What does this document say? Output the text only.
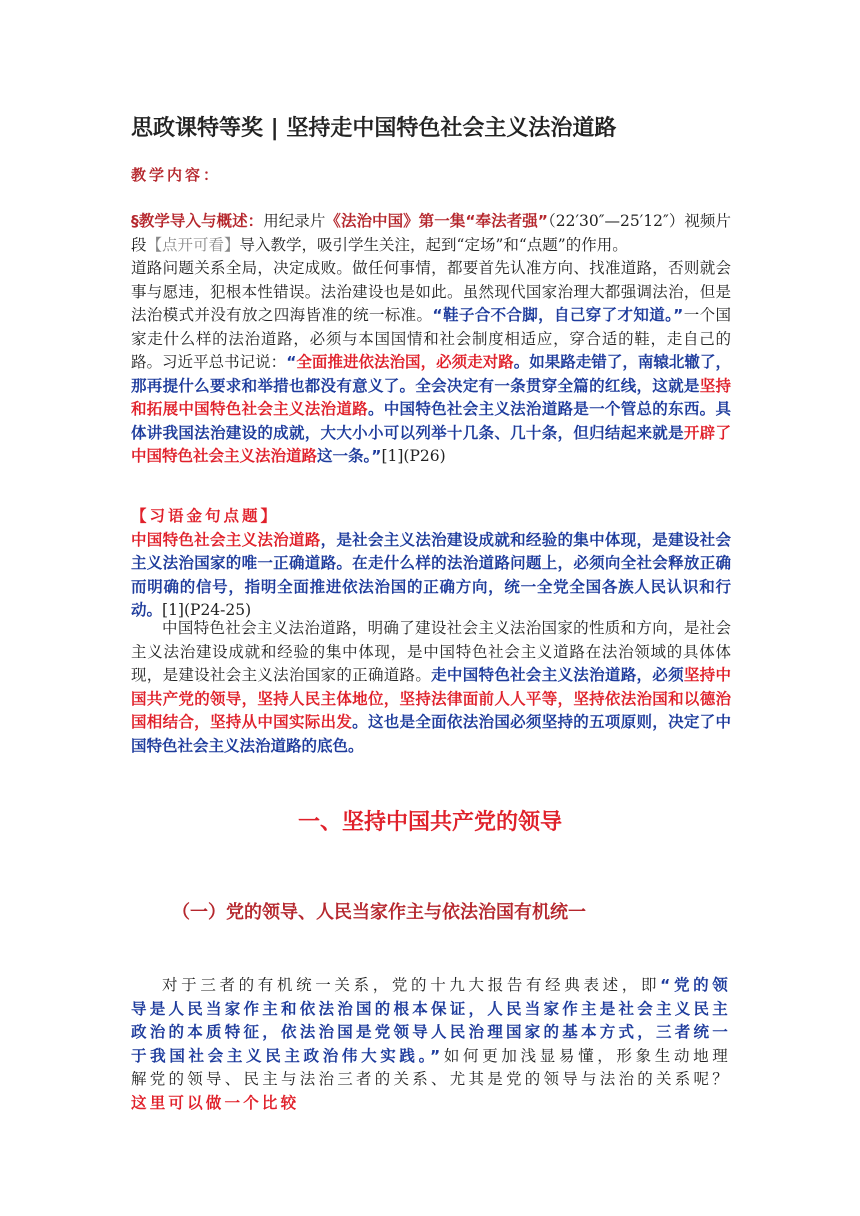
思政课特等奖 | 坚持走中国特色社会主义法治道路
教学内容：
§教学导入与概述：用纪录片《法治中国》第一集“奉法者强”（22′30″—25′12″）视频片段【点开可看】导入教学，吸引学生关注，起到“定场”和“点题”的作用。
道路问题关系全局，决定成败。做任何事情，都要首先认准方向、找准道路，否则就会事与愿违，犯根本性错误。法治建设也是如此。虽然现代国家治理大都强调法治，但是法治模式并没有放之四海皆准的统一标准。“鞋子合不合脚，自己穿了才知道。”一个国家走什么样的法治道路，必须与本国国情和社会制度相适应，穿合适的鞋，走自己的路。习近平总书记说：“全面推进依法治国，必须走对路。如果路走错了，南辕北辙了，那再提什么要求和举措也都没有意义了。全会决定有一条贯穿全篇的红线，这就是坚持和拓展中国特色社会主义法治道路。中国特色社会主义法治道路是一个管总的东西。具体讲我国法治建设的成就，大大小小可以列举十几条、几十条，但归结起来就是开辟了中国特色社会主义法治道路这一条。”[1](P26)
【习语金句点题】
中国特色社会主义法治道路，是社会主义法治建设成就和经验的集中体现，是建设社会主义法治国家的唯一正确道路。在走什么样的法治道路问题上，必须向全社会释放正确而明确的信号，指明全面推进依法治国的正确方向，统一全党全国各族人民认识和行动。[1](P24-25)
中国特色社会主义法治道路，明确了建设社会主义法治国家的性质和方向，是社会主义法治建设成就和经验的集中体现，是中国特色社会主义道路在法治领域的具体体现，是建设社会主义法治国家的正确道路。走中国特色社会主义法治道路，必须坚持中国共产党的领导，坚持人民主体地位，坚持法律面前人人平等，坚持依法治国和以德治国相结合，坚持从中国实际出发。这也是全面依法治国必须坚持的五项原则，决定了中国特色社会主义法治道路的底色。
一、坚持中国共产党的领导
（一）党的领导、人民当家作主与依法治国有机统一
对于三者的有机统一关系，党的十九大报告有经典表述，即“党的领导是人民当家作主和依法治国的根本保证，人民当家作主是社会主义民主政治的本质特征，依法治国是党领导人民治理国家的基本方式，三者统一于我国社会主义民主政治伟大实践。”如何更加浅显易懂，形象生动地理解党的领导、民主与法治三者的关系、尤其是党的领导与法治的关系呢？这里可以做一个比较
